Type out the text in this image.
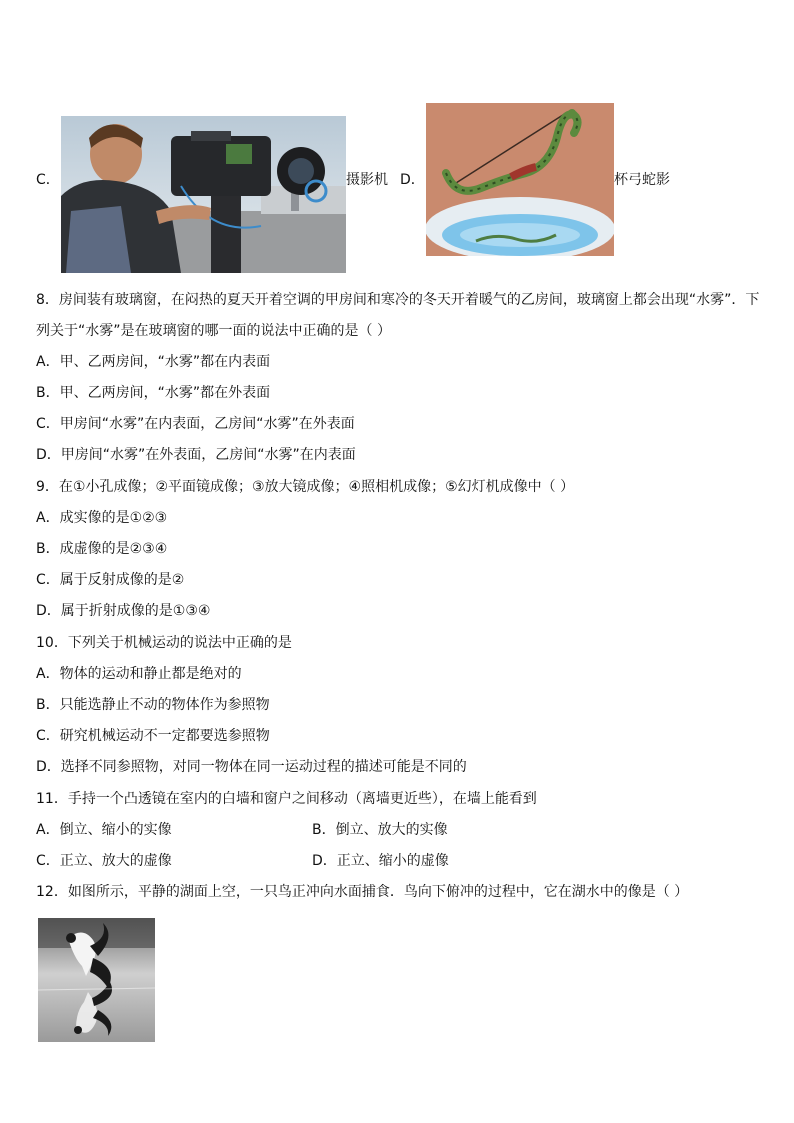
C．	摄影机 D．	杯弓蛇影
8．房间装有玻璃窗，在闷热的夏天开着空调的甲房间和寒冷的冬天开着暖气的乙房间，玻璃窗上都会出现“水雾”．下
列关于“水雾”是在玻璃窗的哪一面的说法中正确的是（ ）
A．甲、乙两房间，“水雾”都在内表面
B．甲、乙两房间，“水雾”都在外表面
C．甲房间“水雾”在内表面，乙房间“水雾”在外表面
D．甲房间“水雾”在外表面，乙房间“水雾”在内表面
9．在①小孔成像；②平面镜成像；③放大镜成像；④照相机成像；⑤幻灯机成像中（ ）
A．成实像的是①②③
B．成虚像的是②③④
C．属于反射成像的是②
D．属于折射成像的是①③④
10．下列关于机械运动的说法中正确的是
A．物体的运动和静止都是绝对的
B．只能选静止不动的物体作为参照物
C．研究机械运动不一定都要选参照物
D．选择不同参照物，对同一物体在同一运动过程的描述可能是不同的
11．手持一个凸透镜在室内的白墙和窗户之间移动（离墙更近些），在墙上能看到
A．倒立、缩小的实像	B．倒立、放大的实像
C．正立、放大的虚像	D．正立、缩小的虚像
12．如图所示，平静的湖面上空，一只鸟正冲向水面捕食．鸟向下俯冲的过程中，它在湖水中的像是（ ）
